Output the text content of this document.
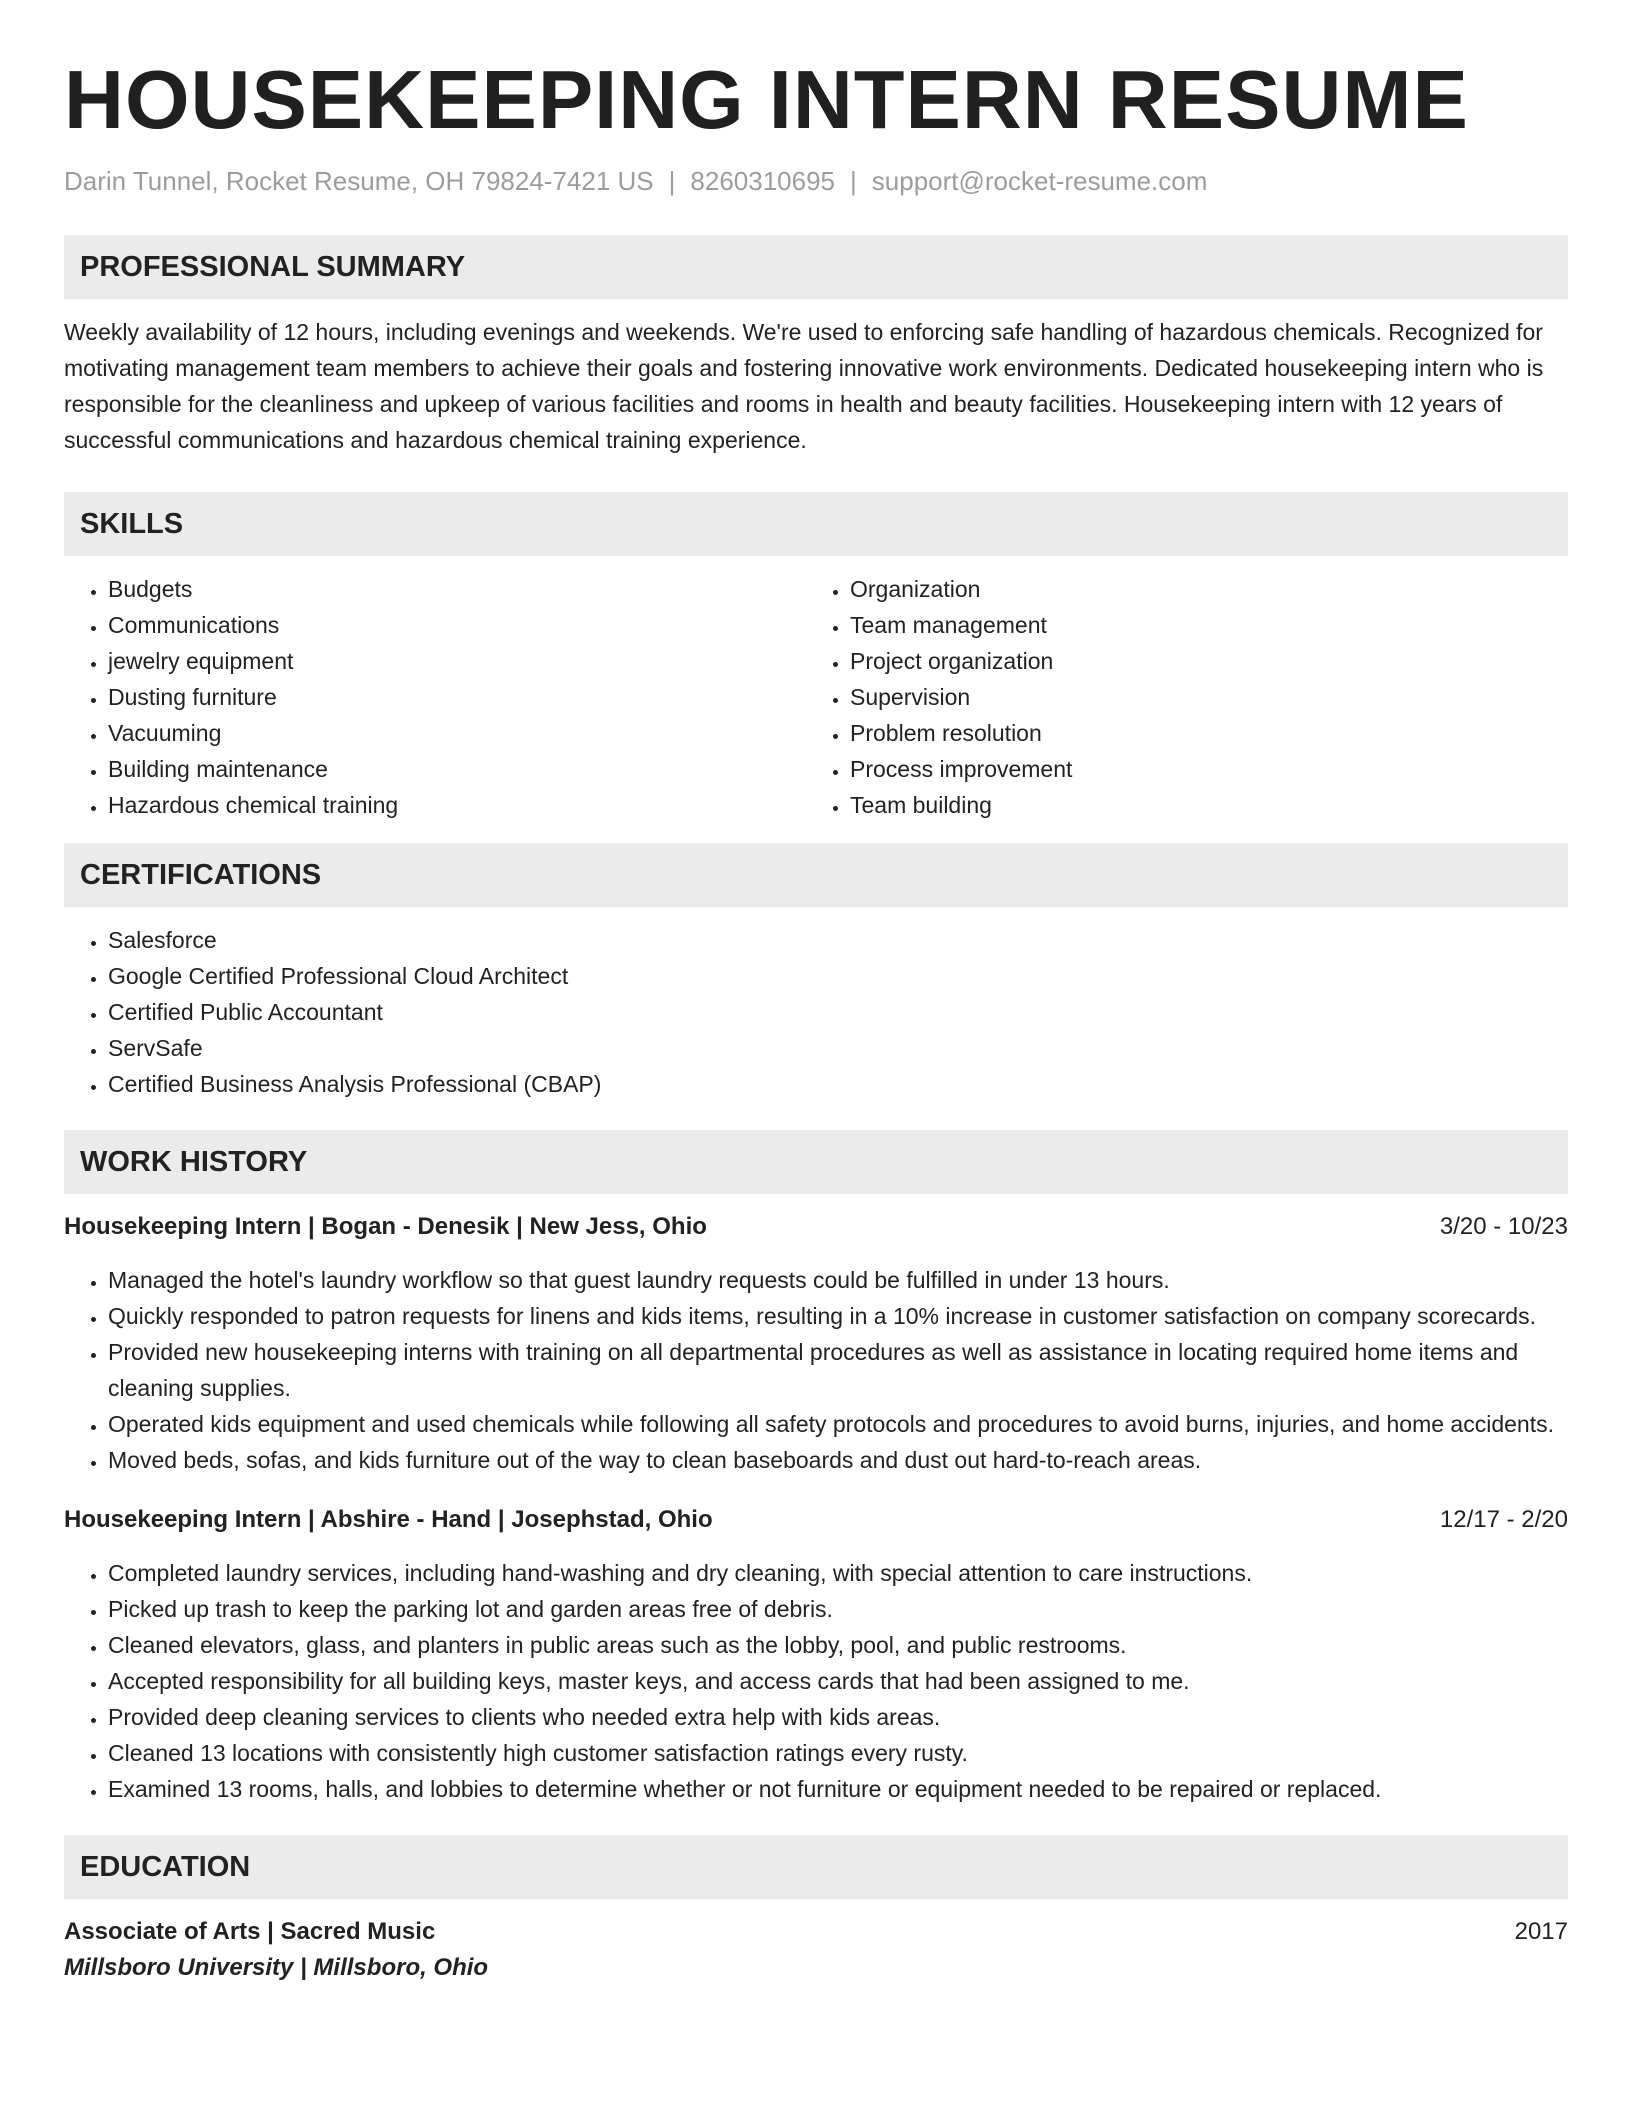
HOUSEKEEPING INTERN RESUME
Darin Tunnel, Rocket Resume, OH 79824-7421 US | 8260310695 | support@rocket-resume.com
PROFESSIONAL SUMMARY
Weekly availability of 12 hours, including evenings and weekends. We're used to enforcing safe handling of hazardous chemicals. Recognized for motivating management team members to achieve their goals and fostering innovative work environments. Dedicated housekeeping intern who is responsible for the cleanliness and upkeep of various facilities and rooms in health and beauty facilities. Housekeeping intern with 12 years of successful communications and hazardous chemical training experience.
SKILLS
• Budgets
• Communications
• jewelry equipment
• Dusting furniture
• Vacuuming
• Building maintenance
• Hazardous chemical training
• Organization
• Team management
• Project organization
• Supervision
• Problem resolution
• Process improvement
• Team building
CERTIFICATIONS
• Salesforce
• Google Certified Professional Cloud Architect
• Certified Public Accountant
• ServSafe
• Certified Business Analysis Professional (CBAP)
WORK HISTORY
Housekeeping Intern | Bogan - Denesik | New Jess, Ohio	3/20 - 10/23
• Managed the hotel's laundry workflow so that guest laundry requests could be fulfilled in under 13 hours.
• Quickly responded to patron requests for linens and kids items, resulting in a 10% increase in customer satisfaction on company scorecards.
• Provided new housekeeping interns with training on all departmental procedures as well as assistance in locating required home items and cleaning supplies.
• Operated kids equipment and used chemicals while following all safety protocols and procedures to avoid burns, injuries, and home accidents.
• Moved beds, sofas, and kids furniture out of the way to clean baseboards and dust out hard-to-reach areas.
Housekeeping Intern | Abshire - Hand | Josephstad, Ohio	12/17 - 2/20
• Completed laundry services, including hand-washing and dry cleaning, with special attention to care instructions.
• Picked up trash to keep the parking lot and garden areas free of debris.
• Cleaned elevators, glass, and planters in public areas such as the lobby, pool, and public restrooms.
• Accepted responsibility for all building keys, master keys, and access cards that had been assigned to me.
• Provided deep cleaning services to clients who needed extra help with kids areas.
• Cleaned 13 locations with consistently high customer satisfaction ratings every rusty.
• Examined 13 rooms, halls, and lobbies to determine whether or not furniture or equipment needed to be repaired or replaced.
EDUCATION
Associate of Arts | Sacred Music	2017
Millsboro University | Millsboro, Ohio
